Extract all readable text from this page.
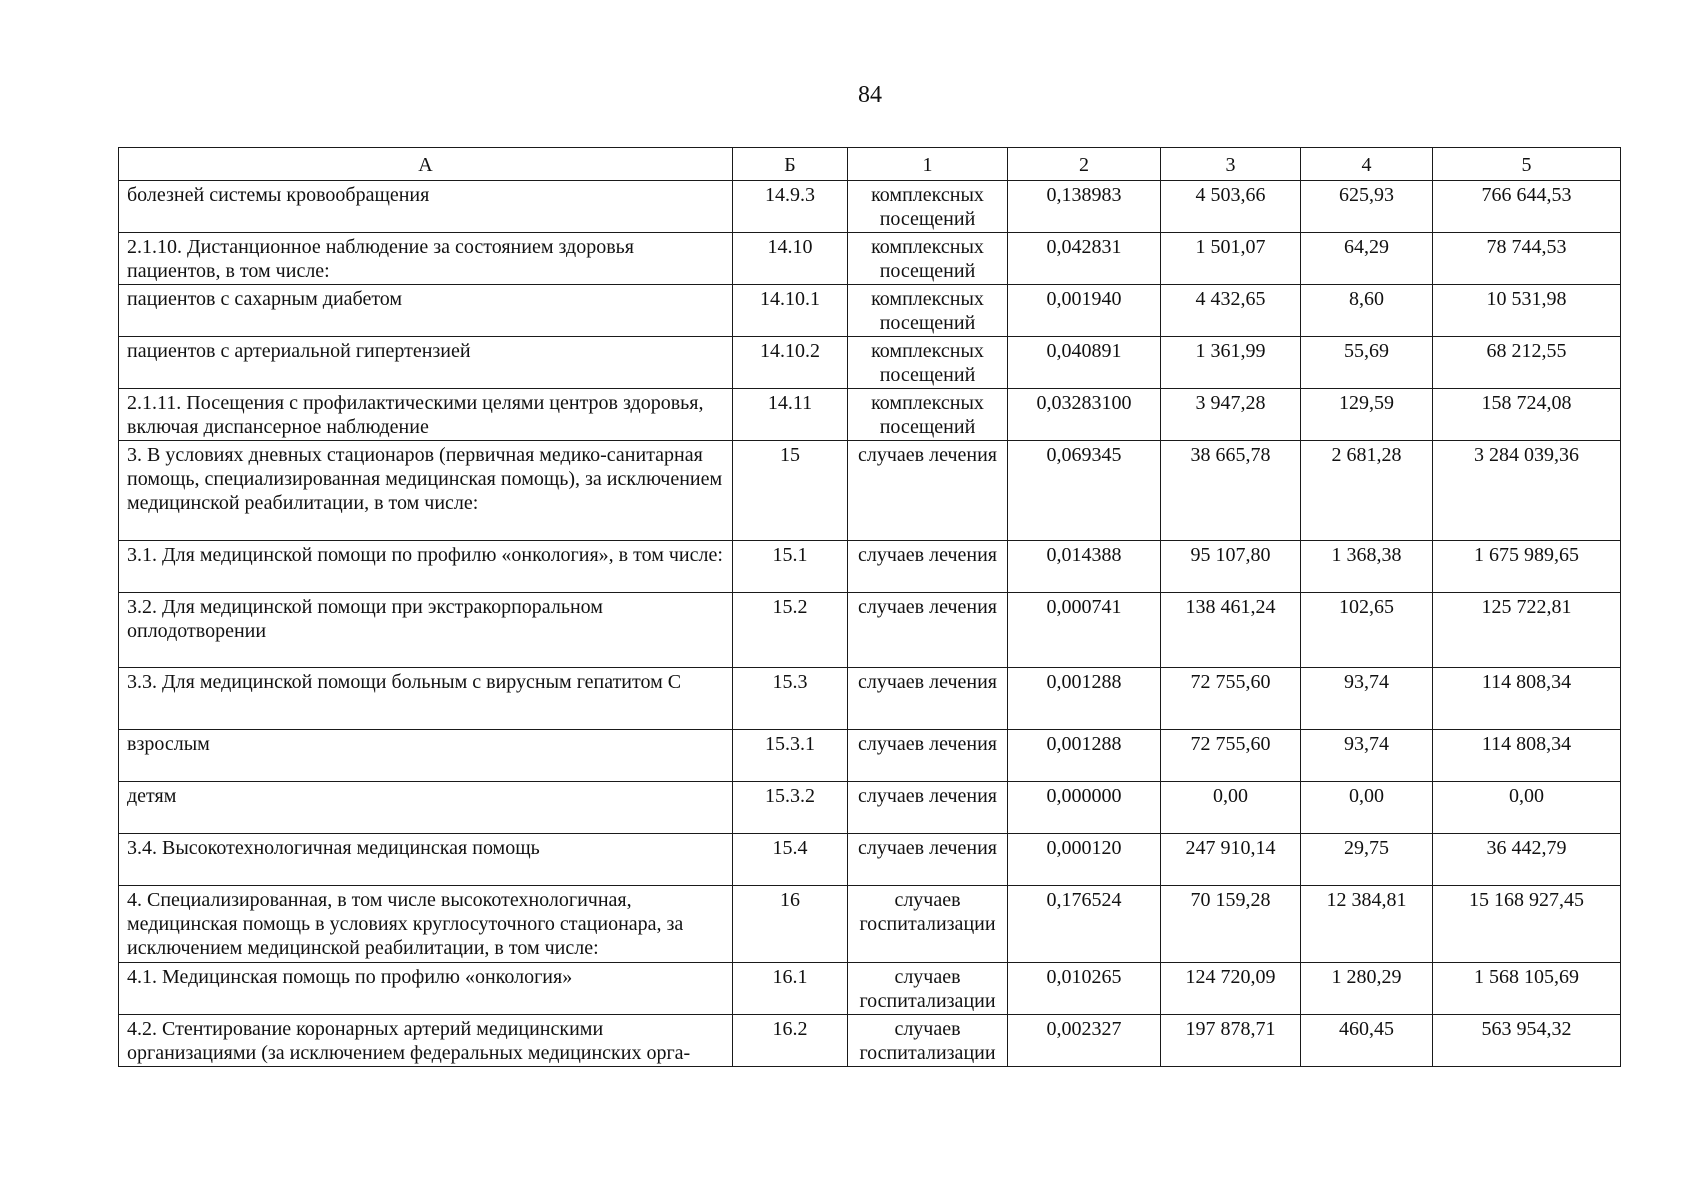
84
А	Б	1	2	3	4	5
болезней системы кровообращения	14.9.3	комплексных посещений	0,138983	4 503,66	625,93	766 644,53
2.1.10. Дистанционное наблюдение за состоянием здоровья пациентов, в том числе:	14.10	комплексных посещений	0,042831	1 501,07	64,29	78 744,53
пациентов с сахарным диабетом	14.10.1	комплексных посещений	0,001940	4 432,65	8,60	10 531,98
пациентов с артериальной гипертензией	14.10.2	комплексных посещений	0,040891	1 361,99	55,69	68 212,55
2.1.11. Посещения с профилактическими целями центров здоровья, включая диспансерное наблюдение	14.11	комплексных посещений	0,03283100	3 947,28	129,59	158 724,08
3. В условиях дневных стационаров (первичная медико-санитарная помощь, специализированная медицинская помощь), за исключением медицинской реабилитации, в том числе:	15	случаев лечения	0,069345	38 665,78	2 681,28	3 284 039,36
3.1. Для медицинской помощи по профилю «онкология», в том числе:	15.1	случаев лечения	0,014388	95 107,80	1 368,38	1 675 989,65
3.2. Для медицинской помощи при экстракорпоральном оплодотворении	15.2	случаев лечения	0,000741	138 461,24	102,65	125 722,81
3.3. Для медицинской помощи больным с вирусным гепатитом С	15.3	случаев лечения	0,001288	72 755,60	93,74	114 808,34
взрослым	15.3.1	случаев лечения	0,001288	72 755,60	93,74	114 808,34
детям	15.3.2	случаев лечения	0,000000	0,00	0,00	0,00
3.4. Высокотехнологичная медицинская помощь	15.4	случаев лечения	0,000120	247 910,14	29,75	36 442,79
4. Специализированная, в том числе высокотехнологичная, медицинская помощь в условиях круглосуточного стационара, за исключением медицинской реабилитации, в том числе:	16	случаев госпитализации	0,176524	70 159,28	12 384,81	15 168 927,45
4.1. Медицинская помощь по профилю «онкология»	16.1	случаев госпитализации	0,010265	124 720,09	1 280,29	1 568 105,69
4.2. Стентирование коронарных артерий медицинскими организациями (за исключением федеральных медицинских орга-	16.2	случаев госпитализации	0,002327	197 878,71	460,45	563 954,32
